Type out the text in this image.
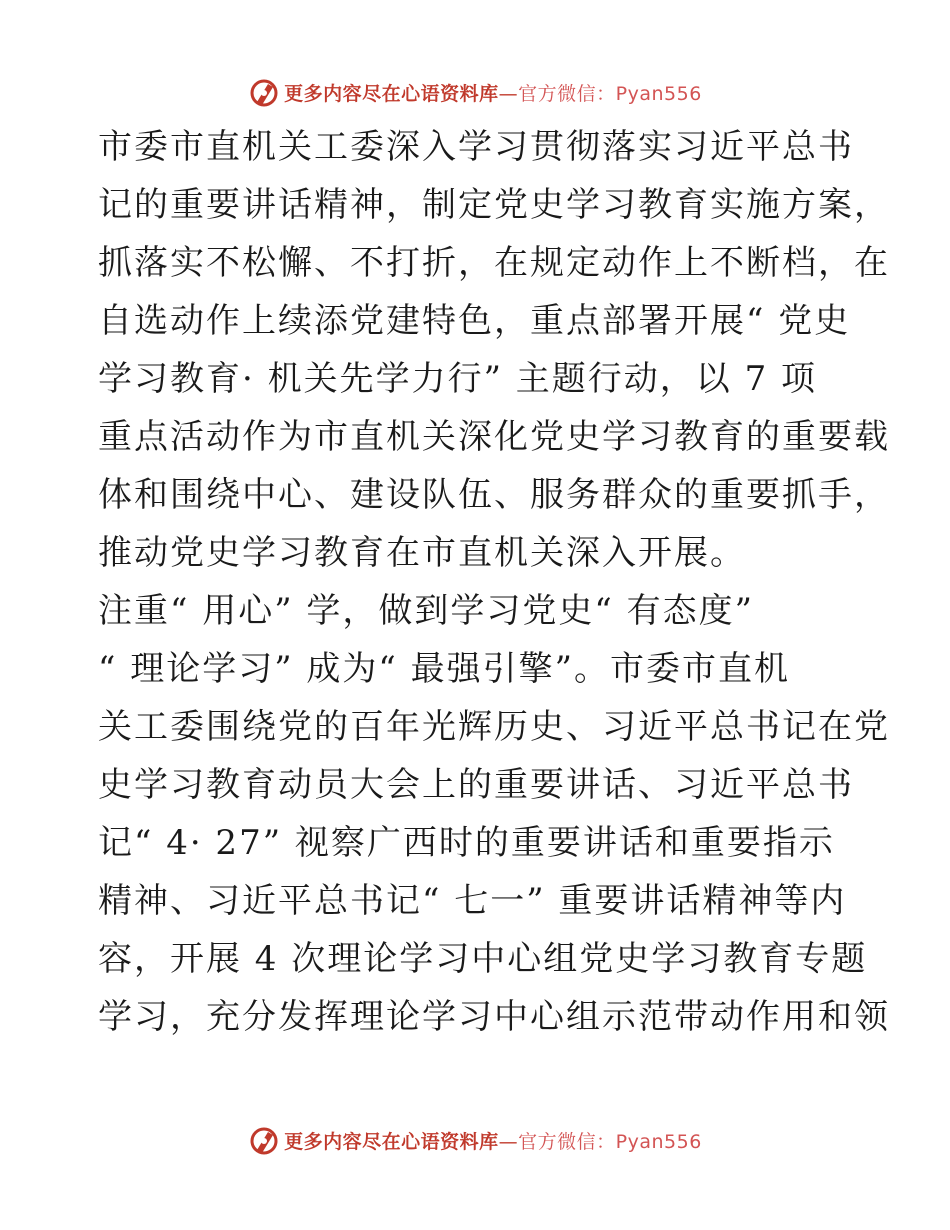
更多内容尽在心语资料库—官方微信：Pyan556
市委市直机关工委深入学习贯彻落实习近平总书
记的重要讲话精神，制定党史学习教育实施方案，
抓落实不松懈、不打折，在规定动作上不断档，在
自选动作上续添党建特色，重点部署开展“ 党史
学习教育· 机关先学力行” 主题行动，以 7 项
重点活动作为市直机关深化党史学习教育的重要载
体和围绕中心、建设队伍、服务群众的重要抓手，
推动党史学习教育在市直机关深入开展。
注重“ 用心” 学，做到学习党史“ 有态度”
“ 理论学习” 成为“ 最强引擎”。市委市直机
关工委围绕党的百年光辉历史、习近平总书记在党
史学习教育动员大会上的重要讲话、习近平总书
记“ 4· 27” 视察广西时的重要讲话和重要指示
精神、习近平总书记“ 七一” 重要讲话精神等内
容，开展 4 次理论学习中心组党史学习教育专题
学习，充分发挥理论学习中心组示范带动作用和领
更多内容尽在心语资料库—官方微信：Pyan556
